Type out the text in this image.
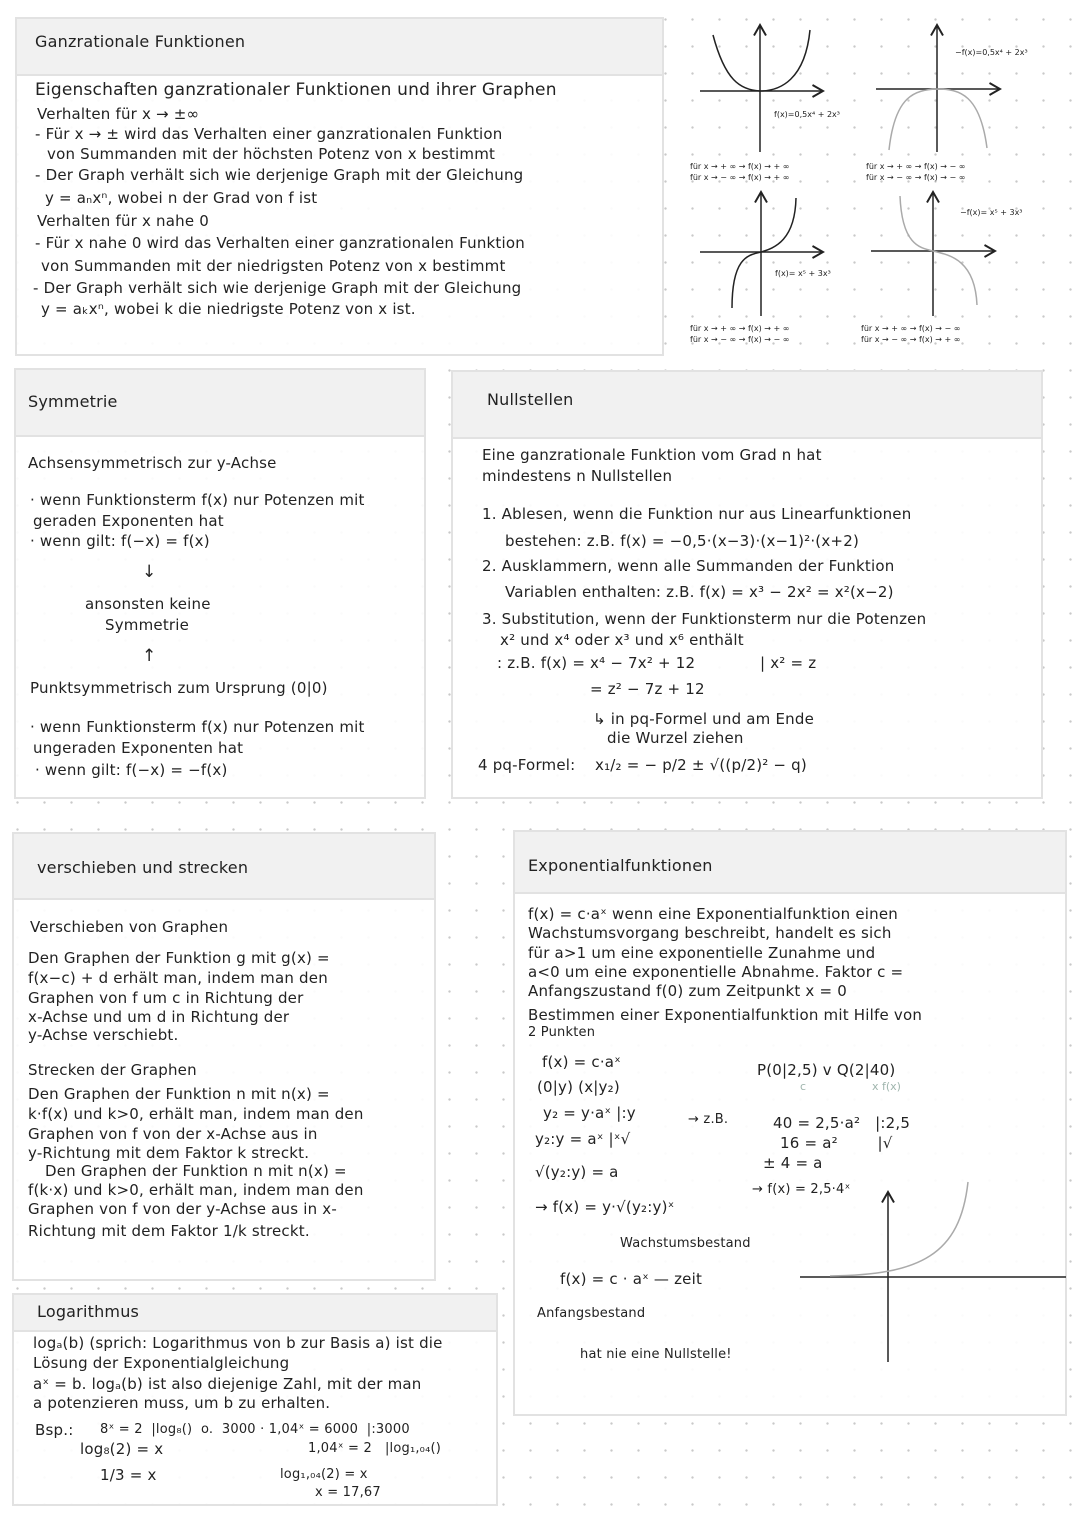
Ganzrationale Funktionen
Eigenschaften ganzrationaler Funktionen und ihrer Graphen
Verhalten für x → ±∞
- Für x → ± wird das Verhalten einer ganzrationalen Funktion
von Summanden mit der höchsten Potenz von x bestimmt
- Der Graph verhält sich wie derjenige Graph mit der Gleichung
y = aₙxⁿ, wobei n der Grad von f ist
Verhalten für x nahe 0
- Für x nahe 0 wird das Verhalten einer ganzrationalen Funktion
von Summanden mit der niedrigsten Potenz von x bestimmt
- Der Graph verhält sich wie derjenige Graph mit der Gleichung
y = aₖxⁿ, wobei k die niedrigste Potenz von x ist.
f(x)=0,5x⁴ + 2x³
−f(x)=0,5x⁴ + 2x³
f(x)= x⁵ + 3x³
−f(x)= x⁵ + 3x³
für x → + ∞ → f(x) → + ∞
für x → − ∞ → f(x) → + ∞
für x → + ∞ → f(x) → − ∞
für x → − ∞ → f(x) → − ∞
für x → + ∞ → f(x) → + ∞
für x → − ∞ → f(x) → − ∞
für x → + ∞ → f(x) → − ∞
für x → − ∞ → f(x) → + ∞
Symmetrie
Achsensymmetrisch zur y-Achse
· wenn Funktionsterm f(x) nur Potenzen mit
geraden Exponenten hat
· wenn gilt: f(−x) = f(x)
↓
ansonsten keine
Symmetrie
↑
Punktsymmetrisch zum Ursprung (0|0)
· wenn Funktionsterm f(x) nur Potenzen mit
ungeraden Exponenten hat
· wenn gilt: f(−x) = −f(x)
Nullstellen
Eine ganzrationale Funktion vom Grad n hat
mindestens n Nullstellen
1. Ablesen, wenn die Funktion nur aus Linearfunktionen
bestehen: z.B. f(x) = −0,5·(x−3)·(x−1)²·(x+2)
2. Ausklammern, wenn alle Summanden der Funktion
Variablen enthalten: z.B. f(x) = x³ − 2x² = x²(x−2)
3. Substitution, wenn der Funktionsterm nur die Potenzen
x² und x⁴ oder x³ und x⁶ enthält
: z.B. f(x) = x⁴ − 7x² + 12	| x² = z
= z² − 7z + 12
↳ in pq-Formel und am Ende
die Wurzel ziehen
4 pq-Formel: x₁/₂ = − p/2 ± √((p/2)² − q)
verschieben und strecken
Verschieben von Graphen
Den Graphen der Funktion g mit g(x) =
f(x−c) + d erhält man, indem man den
Graphen von f um c in Richtung der
x-Achse und um d in Richtung der
y-Achse verschiebt.
Strecken der Graphen
Den Graphen der Funktion n mit n(x) =
k·f(x) und k>0, erhält man, indem man den
Graphen von f von der x-Achse aus in
y-Richtung mit dem Faktor k streckt.
Den Graphen der Funktion n mit n(x) =
f(k·x) und k>0, erhält man, indem man den
Graphen von f von der y-Achse aus in x-
Richtung mit dem Faktor 1/k streckt.
Exponentialfunktionen
f(x) = c·aˣ wenn eine Exponentialfunktion einen
Wachstumsvorgang beschreibt, handelt es sich
für a>1 um eine exponentielle Zunahme und
a<0 um eine exponentielle Abnahme. Faktor c =
Anfangszustand f(0) zum Zeitpunkt x = 0
Bestimmen einer Exponentialfunktion mit Hilfe von
2 Punkten
f(x) = c·aˣ
(0|y) (x|y₂)
y₂ = y·aˣ |:y
y₂:y = aˣ |ˣ√
√(y₂:y) = a
→ f(x) = y·√(y₂:y)ˣ
Wachstumsbestand
f(x) = c · aˣ — zeit
Anfangsbestand
hat nie eine Nullstelle!
→ z.B.
P(0|2,5) v Q(2|40)
c	x f(x)
40 = 2,5·a²   |:2,5
16 = a²        |√
± 4 = a
→ f(x) = 2,5·4ˣ
Logarithmus
logₐ(b) (sprich: Logarithmus von b zur Basis a) ist die
Lösung der Exponentialgleichung
aˣ = b. logₐ(b) ist also diejenige Zahl, mit der man
a potenzieren muss, um b zu erhalten.
Bsp.: 8ˣ = 2  |log₈()  o.  3000 · 1,04ˣ = 6000  |:3000
log₈(2) = x	1,04ˣ = 2   |log₁,₀₄()
1/3 = x	log₁,₀₄(2) = x
x = 17,67
